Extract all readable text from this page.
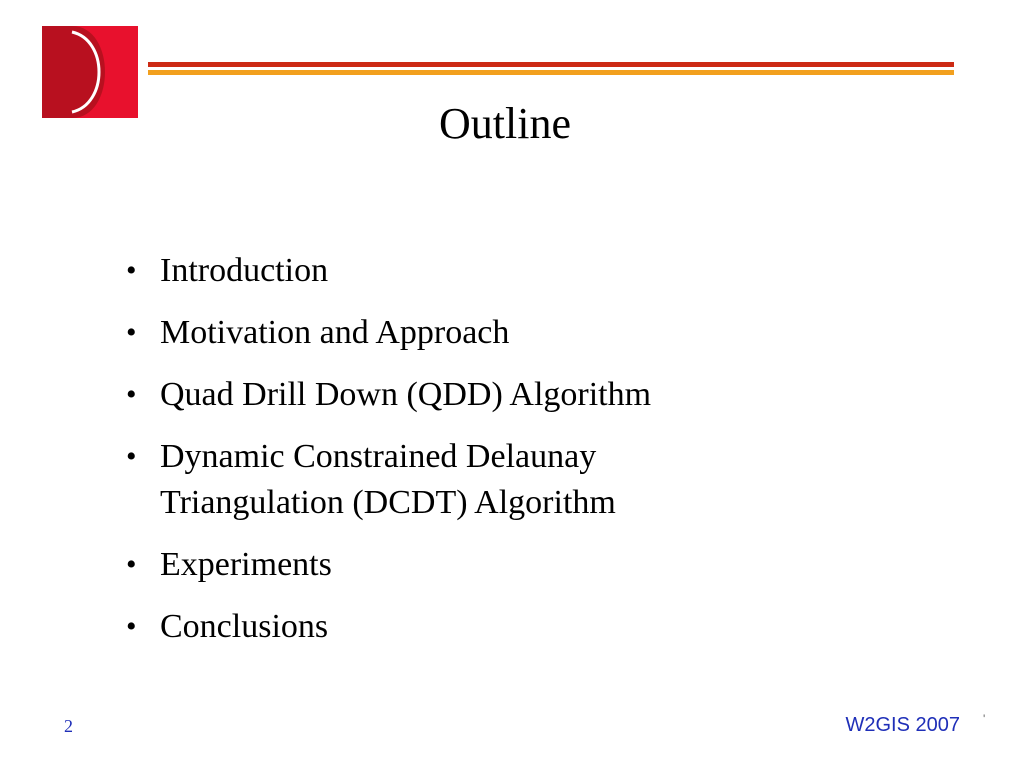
Outline
• Introduction
• Motivation and Approach
• Quad Drill Down (QDD) Algorithm
• Dynamic Constrained Delaunay
Triangulation (DCDT) Algorithm
• Experiments
• Conclusions
2	W2GIS 2007 '
